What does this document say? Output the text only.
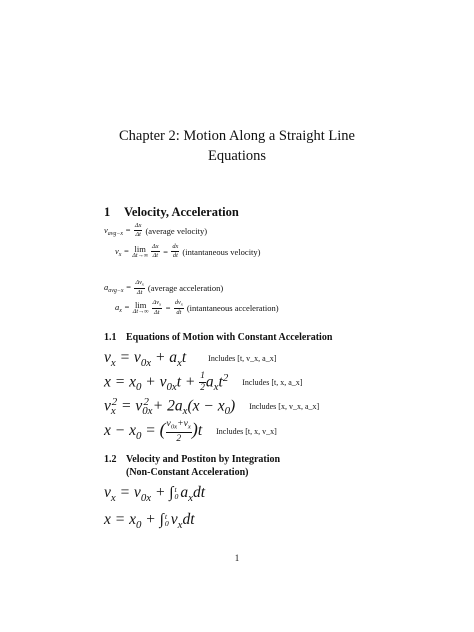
Chapter 2: Motion Along a Straight Line
Equations
1 Velocity, Acceleration
$v_{avg-x} = \frac{\Delta x}{\Delta t}$ (average velocity)
$v_x = \lim$
$\Delta t\to\infty \frac{\Delta x}{\Delta t} = \frac{dx}{dt}$ (intantaneous velocity)
$a_{avg-x} = \frac{\Delta v_x}{\Delta t}$ (average acceleration)
$a_x = \lim$
$\Delta t\to\infty \frac{\Delta v_x}{\Delta t} = \frac{dv_x}{dt}$ (intantaneous acceleration)
1.1 Equations of Motion with Constant Acceleration
$v_x = v_{0x} + a_xt$	Includes [t, v_x, a_x]
$x = x_0 + v_{0x}t + \frac{1}{2} a_xt^2$ Includes [t, x, a_x]
$v_x^2 = v_{0x}^2 + 2a_x(x - x_0)$ Includes [x, v_x, a_x]
$x - x_0$ = ( $\frac{v_{0x}+v_x}{2} )t$ Includes [t, x, v_x]
1.2 Velocity and Postiton by Integration
(Non-Constant Acceleration)
$v_x = v_{0x}$ + ∫ t
0 $a_xdt$
$x = x_0$ + ∫ t
0 $v_xdt$
1
